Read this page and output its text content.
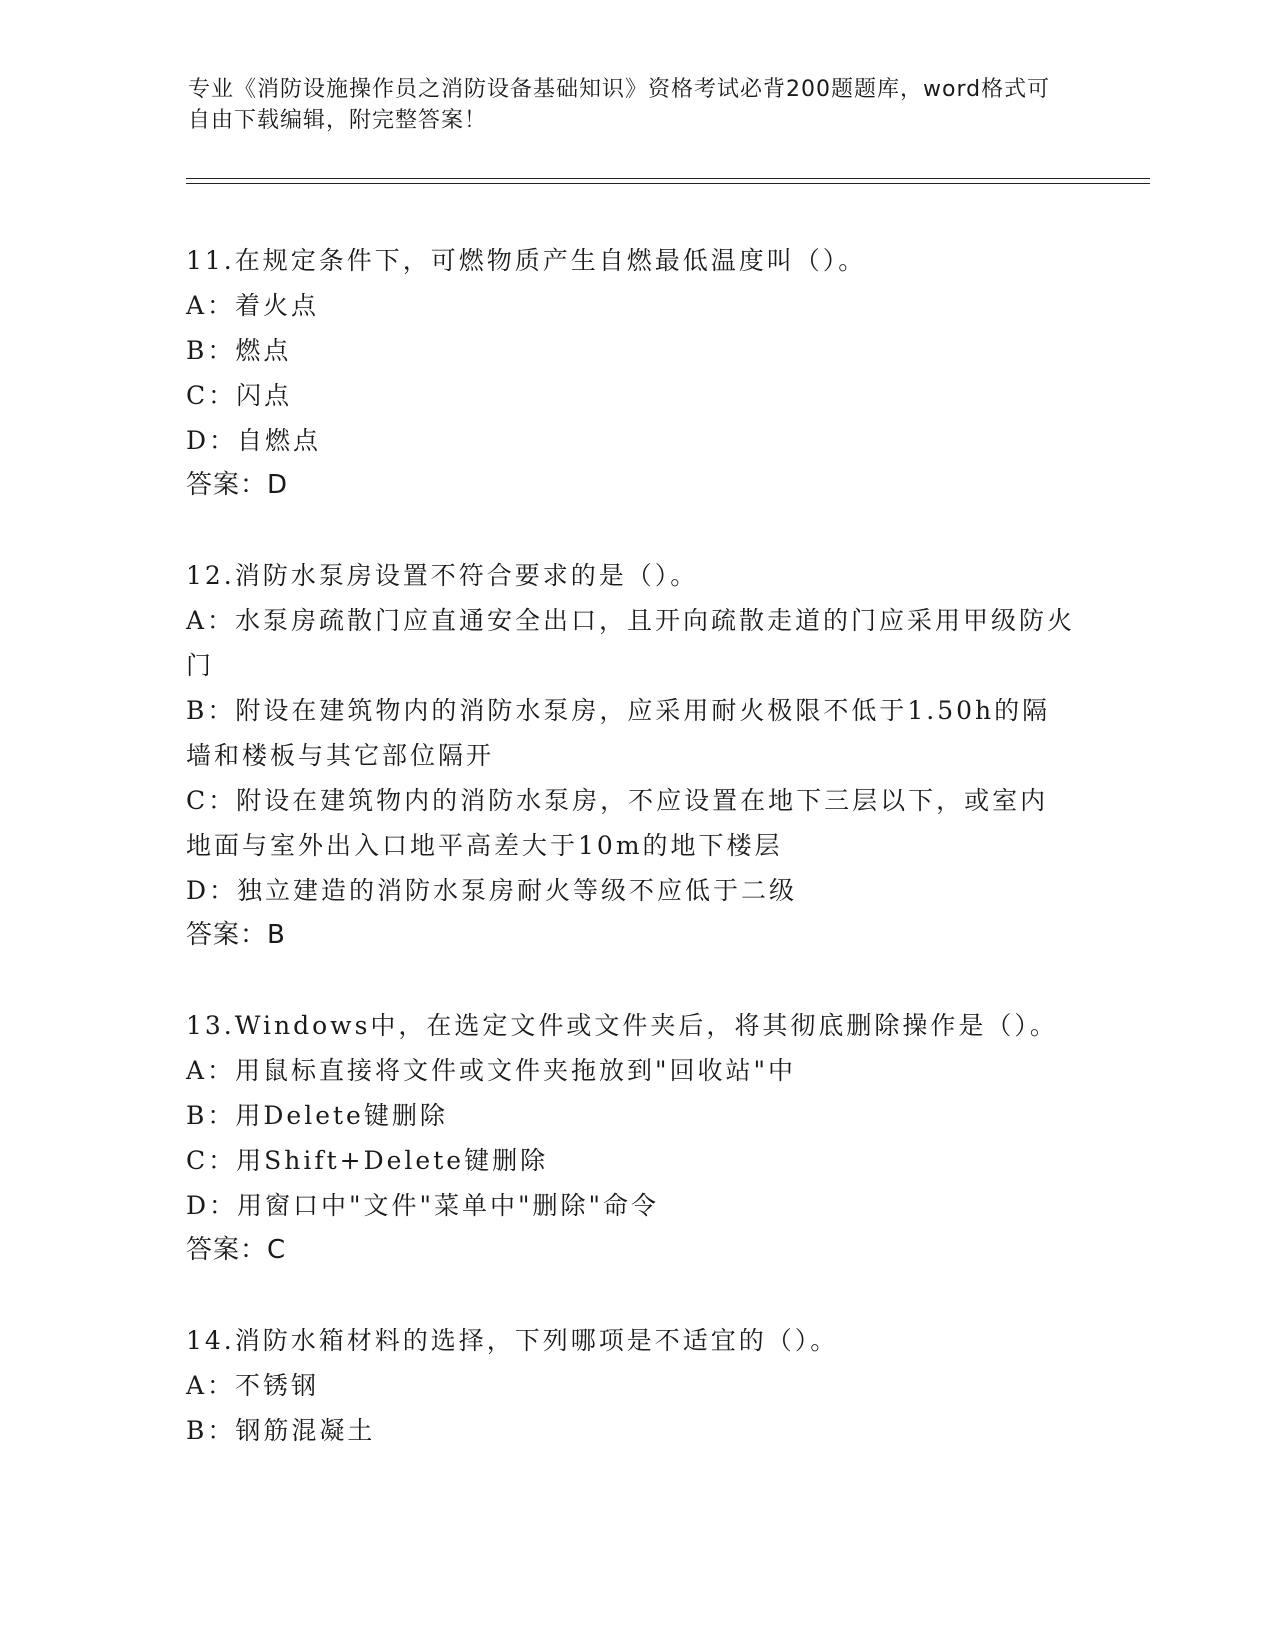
专业《消防设施操作员之消防设备基础知识》资格考试必背200题题库，word格式可自由下载编辑，附完整答案！
11.在规定条件下，可燃物质产生自燃最低温度叫（）。
A：着火点
B：燃点
C：闪点
D：自燃点
答案：D
12.消防水泵房设置不符合要求的是（）。
A：水泵房疏散门应直通安全出口，且开向疏散走道的门应采用甲级防火门
B：附设在建筑物内的消防水泵房，应采用耐火极限不低于1.50h的隔墙和楼板与其它部位隔开
C：附设在建筑物内的消防水泵房，不应设置在地下三层以下，或室内地面与室外出入口地平高差大于10m的地下楼层
D：独立建造的消防水泵房耐火等级不应低于二级
答案：B
13.Windows中，在选定文件或文件夹后，将其彻底删除操作是（）。
A：用鼠标直接将文件或文件夹拖放到"回收站"中
B：用Delete键删除
C：用Shift+Delete键删除
D：用窗口中"文件"菜单中"删除"命令
答案：C
14.消防水箱材料的选择，下列哪项是不适宜的（）。
A：不锈钢
B：钢筋混凝土
